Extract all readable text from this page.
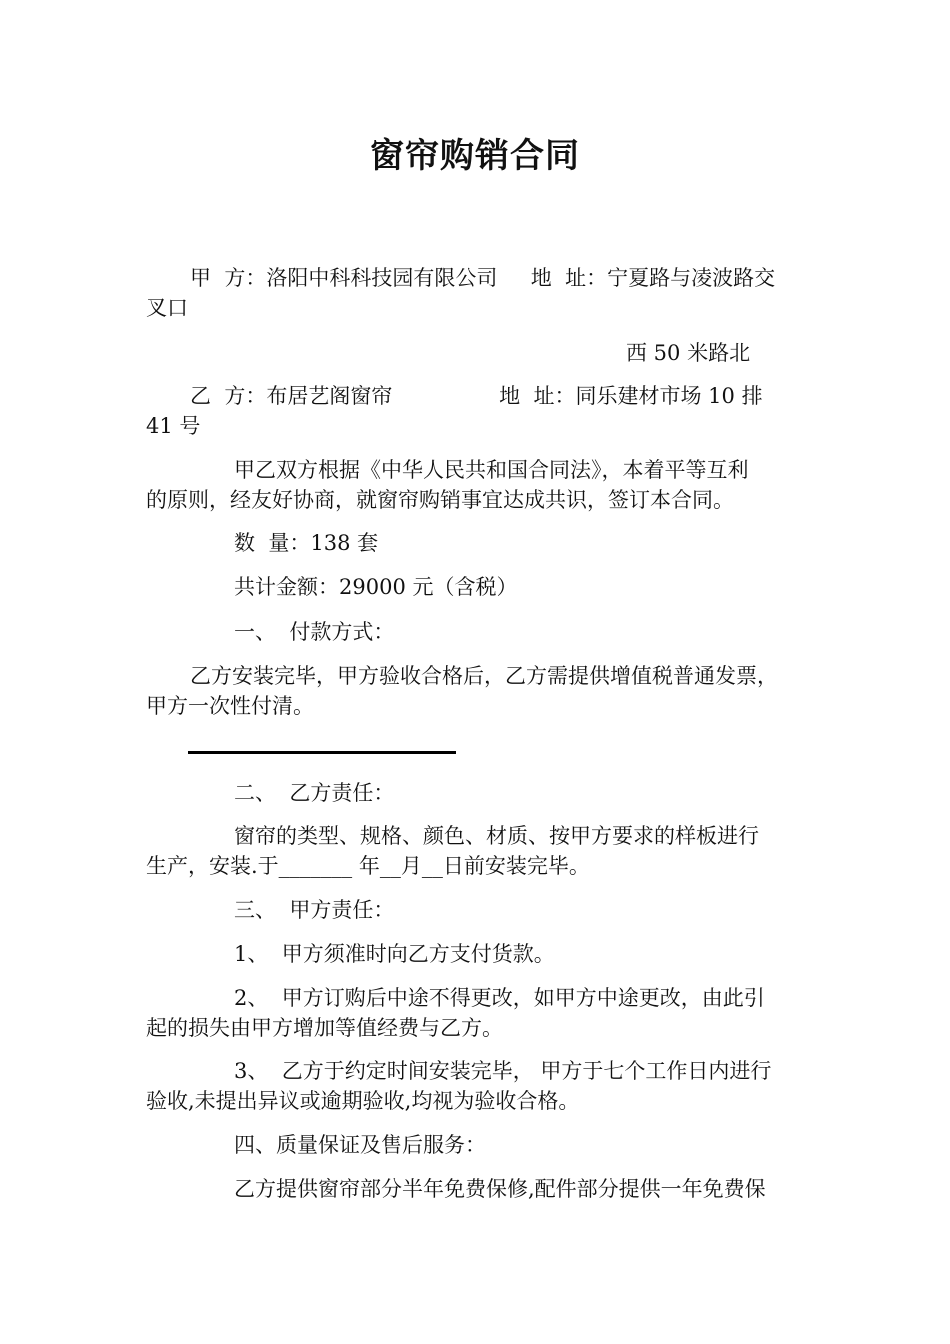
窗帘购销合同
甲  方：洛阳中科科技园有限公司     地  址：宁夏路与凌波路交
叉口
西 50 米路北
乙  方：布居艺阁窗帘                地  址：同乐建材市场 10 排
41 号
甲乙双方根据《中华人民共和国合同法》，本着平等互利
的原则，经友好协商，就窗帘购销事宜达成共识，签订本合同。
数  量：138 套
共计金额：29000 元（含税）
一、  付款方式：
乙方安装完毕，甲方验收合格后，乙方需提供增值税普通发票，
甲方一次性付清。
二、  乙方责任：
窗帘的类型、规格、颜色、材质、按甲方要求的样板进行
生产，安装.于_______ 年__月__日前安装完毕。
三、  甲方责任：
1、  甲方须准时向乙方支付货款。
2、  甲方订购后中途不得更改，如甲方中途更改，由此引
起的损失由甲方增加等值经费与乙方。
3、  乙方于约定时间安装完毕， 甲方于七个工作日内进行
验收,未提出异议或逾期验收,均视为验收合格。
四、质量保证及售后服务：
乙方提供窗帘部分半年免费保修,配件部分提供一年免费保
